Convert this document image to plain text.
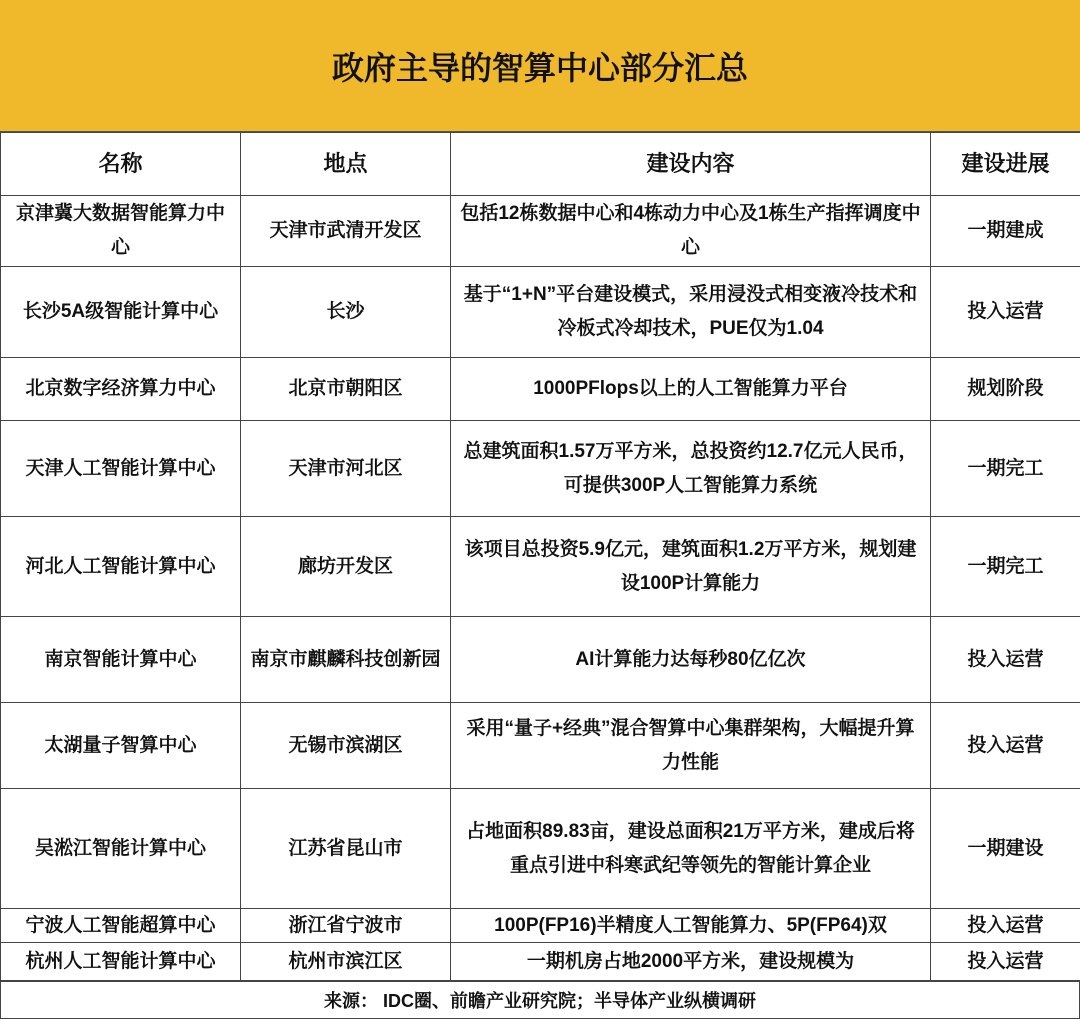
政府主导的智算中心部分汇总
名称	地点	建设内容	建设进展
京津冀大数据智能算力中心	天津市武清开发区	包括12栋数据中心和4栋动力中心及1栋生产指挥调度中心	一期建成
长沙5A级智能计算中心	长沙	基于“1+N”平台建设模式，采用浸没式相变液冷技术和冷板式冷却技术，PUE仅为1.04	投入运营
北京数字经济算力中心	北京市朝阳区	1000PFlops以上的人工智能算力平台	规划阶段
天津人工智能计算中心	天津市河北区	总建筑面积1.57万平方米，总投资约12.7亿元人民币，可提供300P人工智能算力系统	一期完工
河北人工智能计算中心	廊坊开发区	该项目总投资5.9亿元，建筑面积1.2万平方米，规划建设100P计算能力	一期完工
南京智能计算中心	南京市麒麟科技创新园	AI计算能力达每秒80亿亿次	投入运营
太湖量子智算中心	无锡市滨湖区	采用“量子+经典”混合智算中心集群架构，大幅提升算力性能	投入运营
吴淞江智能计算中心	江苏省昆山市	占地面积89.83亩，建设总面积21万平方米，建成后将重点引进中科寒武纪等领先的智能计算企业	一期建设
宁波人工智能超算中心	浙江省宁波市	100P(FP16)半精度人工智能算力、5P(FP64)双	投入运营
杭州人工智能计算中心	杭州市滨江区	一期机房占地2000平方米，建设规模为	投入运营
来源： IDC圈、前瞻产业研究院；半导体产业纵横调研
